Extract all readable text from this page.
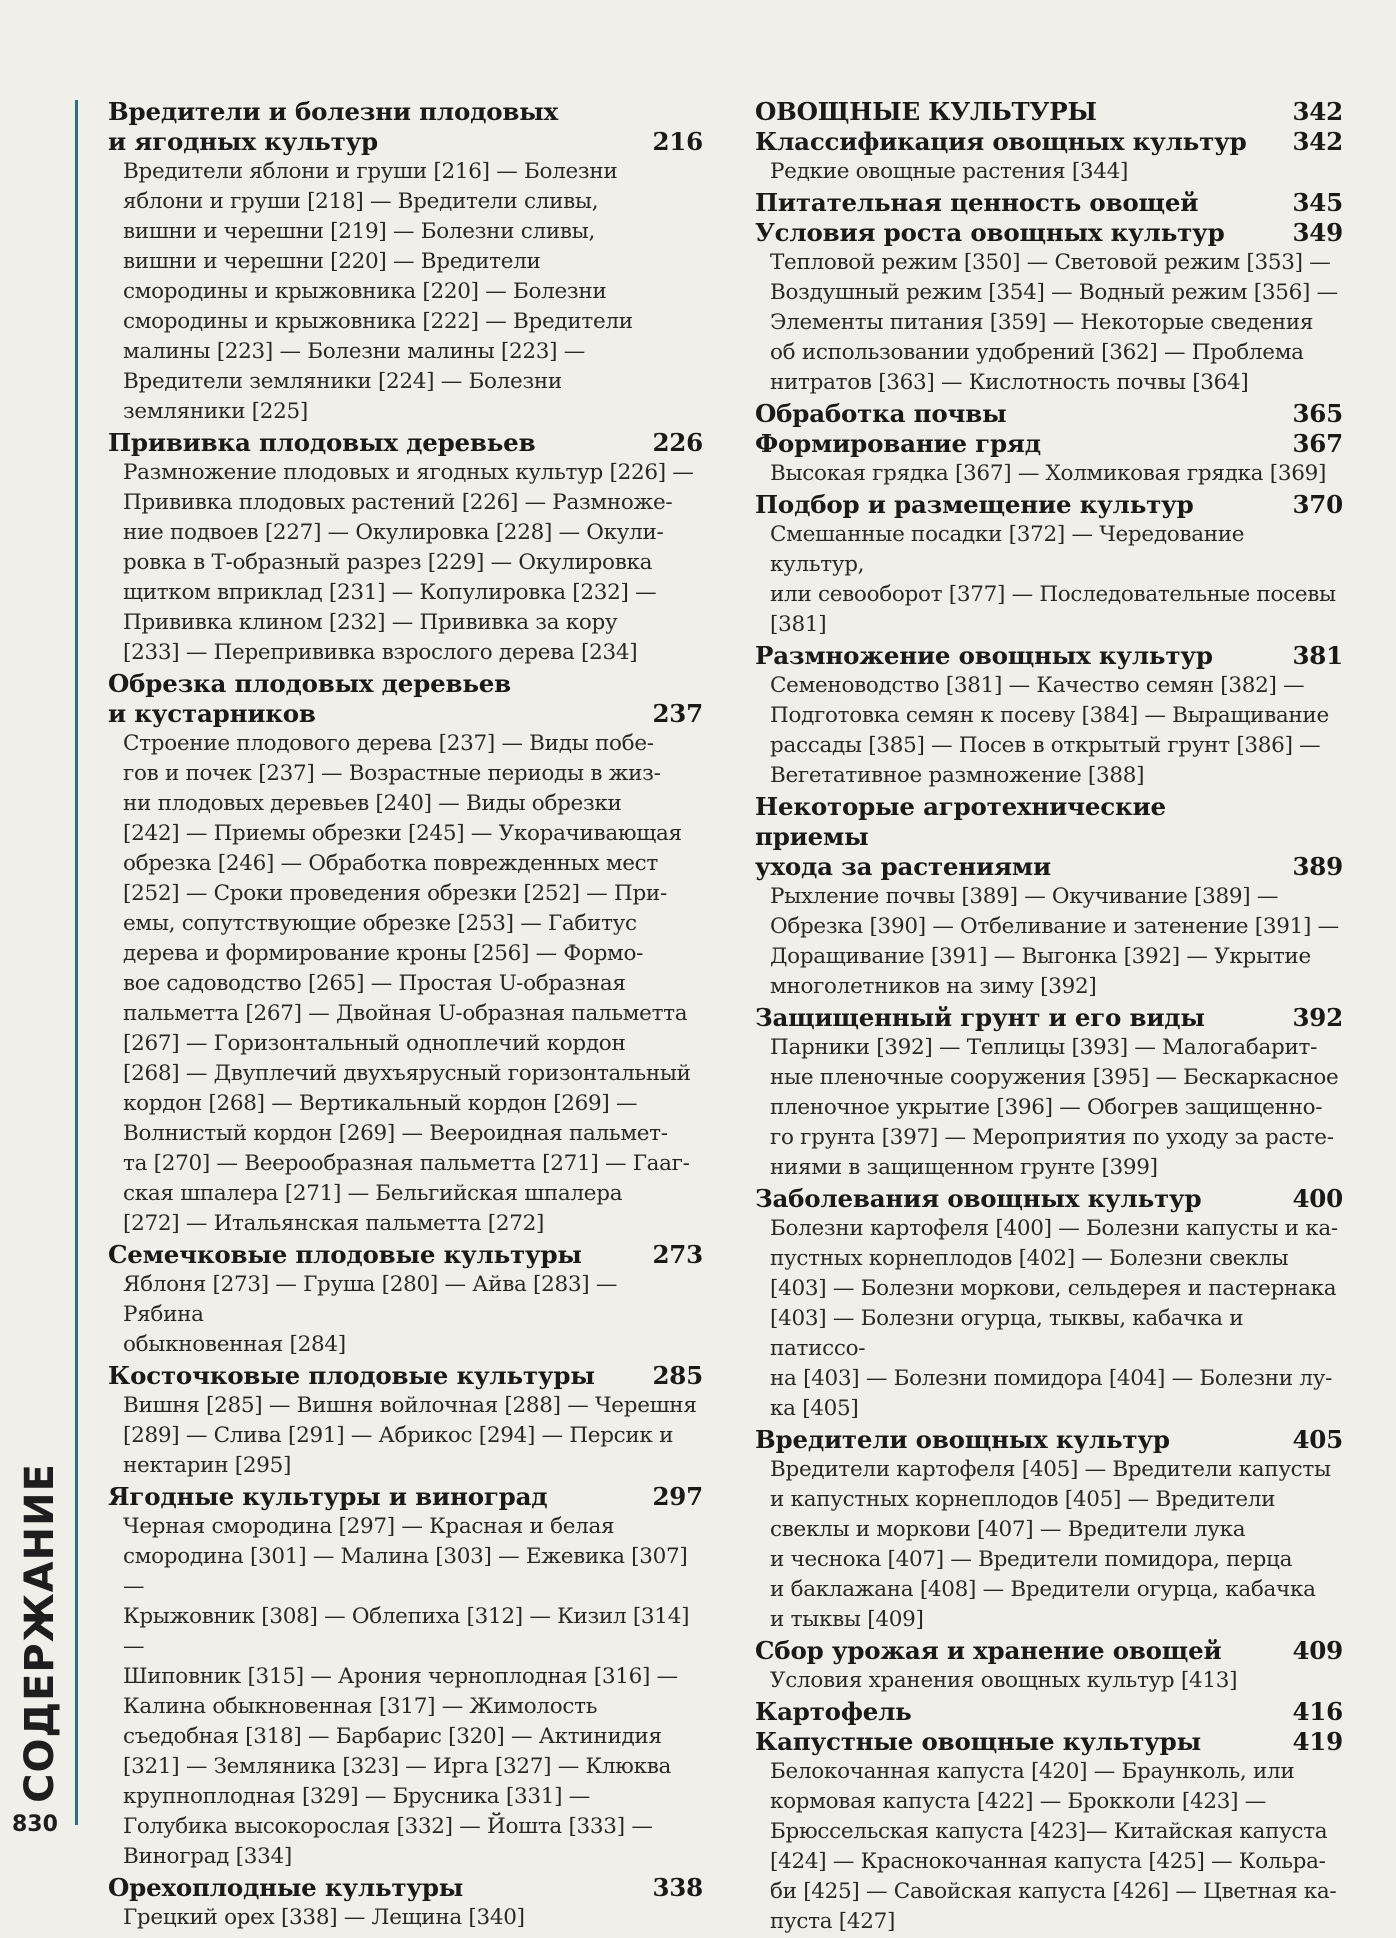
СОДЕРЖАНИЕ
830
Вредители и болезни плодовых
и ягодных культур	216
Вредители яблони и груши [216] — Болезни
яблони и груши [218] — Вредители сливы,
вишни и черешни [219] — Болезни сливы,
вишни и черешни [220] — Вредители
смородины и крыжовника [220] — Болезни
смородины и крыжовника [222] — Вредители
малины [223] — Болезни малины [223] —
Вредители земляники [224] — Болезни
земляники [225]
Прививка плодовых деревьев	226
Размножение плодовых и ягодных культур [226] —
Прививка плодовых растений [226] — Размноже-
ние подвоев [227] — Окулировка [228] — Окули-
ровка в Т-образный разрез [229] — Окулировка
щитком вприклад [231] — Копулировка [232] —
Прививка клином [232] — Прививка за кору
[233] — Перепрививка взрослого дерева [234]
Обрезка плодовых деревьев
и кустарников	237
Строение плодового дерева [237] — Виды побе-
гов и почек [237] — Возрастные периоды в жиз-
ни плодовых деревьев [240] — Виды обрезки
[242] — Приемы обрезки [245] — Укорачивающая
обрезка [246] — Обработка поврежденных мест
[252] — Сроки проведения обрезки [252] — При-
емы, сопутствующие обрезке [253] — Габитус
дерева и формирование кроны [256] — Формо-
вое садоводство [265] — Простая U-образная
пальметта [267] — Двойная U-образная пальметта
[267] — Горизонтальный одноплечий кордон
[268] — Двуплечий двухъярусный горизонтальный
кордон [268] — Вертикальный кордон [269] —
Волнистый кордон [269] — Веероидная пальмет-
та [270] — Веерообразная пальметта [271] — Гааг-
ская шпалера [271] — Бельгийская шпалера
[272] — Итальянская пальметта [272]
Семечковые плодовые культуры	273
Яблоня [273] — Груша [280] — Айва [283] — Рябина
обыкновенная [284]
Косточковые плодовые культуры	285
Вишня [285] — Вишня войлочная [288] — Черешня
[289] — Слива [291] — Абрикос [294] — Персик и
нектарин [295]
Ягодные культуры и виноград	297
Черная смородина [297] — Красная и белая
смородина [301] — Малина [303] — Ежевика [307] —
Крыжовник [308] — Облепиха [312] — Кизил [314] —
Шиповник [315] — Арония черноплодная [316] —
Калина обыкновенная [317] — Жимолость
съедобная [318] — Барбарис [320] — Актинидия
[321] — Земляника [323] — Ирга [327] — Клюква
крупноплодная [329] — Брусника [331] —
Голубика высокорослая [332] — Йошта [333] —
Виноград [334]
Орехоплодные культуры	338
Грецкий орех [338] — Лещина [340]
ОВОЩНЫЕ КУЛЬТУРЫ	342
Классификация овощных культур	342
Редкие овощные растения [344]
Питательная ценность овощей	345
Условия роста овощных культур	349
Тепловой режим [350] — Световой режим [353] —
Воздушный режим [354] — Водный режим [356] —
Элементы питания [359] — Некоторые сведения
об использовании удобрений [362] — Проблема
нитратов [363] — Кислотность почвы [364]
Обработка почвы	365
Формирование гряд	367
Высокая грядка [367] — Холмиковая грядка [369]
Подбор и размещение культур	370
Смешанные посадки [372] — Чередование культур,
или севооборот [377] — Последовательные посевы
[381]
Размножение овощных культур	381
Семеноводство [381] — Качество семян [382] —
Подготовка семян к посеву [384] — Выращивание
рассады [385] — Посев в открытый грунт [386] —
Вегетативное размножение [388]
Некоторые агротехнические приемы
ухода за растениями	389
Рыхление почвы [389] — Окучивание [389] —
Обрезка [390] — Отбеливание и затенение [391] —
Доращивание [391] — Выгонка [392] — Укрытие
многолетников на зиму [392]
Защищенный грунт и его виды	392
Парники [392] — Теплицы [393] — Малогабарит-
ные пленочные сооружения [395] — Бескаркасное
пленочное укрытие [396] — Обогрев защищенно-
го грунта [397] — Мероприятия по уходу за расте-
ниями в защищенном грунте [399]
Заболевания овощных культур	400
Болезни картофеля [400] — Болезни капусты и ка-
пустных корнеплодов [402] — Болезни свеклы
[403] — Болезни моркови, сельдерея и пастернака
[403] — Болезни огурца, тыквы, кабачка и патиссо-
на [403] — Болезни помидора [404] — Болезни лу-
ка [405]
Вредители овощных культур	405
Вредители картофеля [405] — Вредители капусты
и капустных корнеплодов [405] — Вредители
свеклы и моркови [407] — Вредители лука
и чеснока [407] — Вредители помидора, перца
и баклажана [408] — Вредители огурца, кабачка
и тыквы [409]
Сбор урожая и хранение овощей	409
Условия хранения овощных культур [413]
Картофель	416
Капустные овощные культуры	419
Белокочанная капуста [420] — Браунколь, или
кормовая капуста [422] — Брокколи [423] —
Брюссельская капуста [423]— Китайская капуста
[424] — Краснокочанная капуста [425] — Кольра-
би [425] — Савойская капуста [426] — Цветная ка-
пуста [427]
